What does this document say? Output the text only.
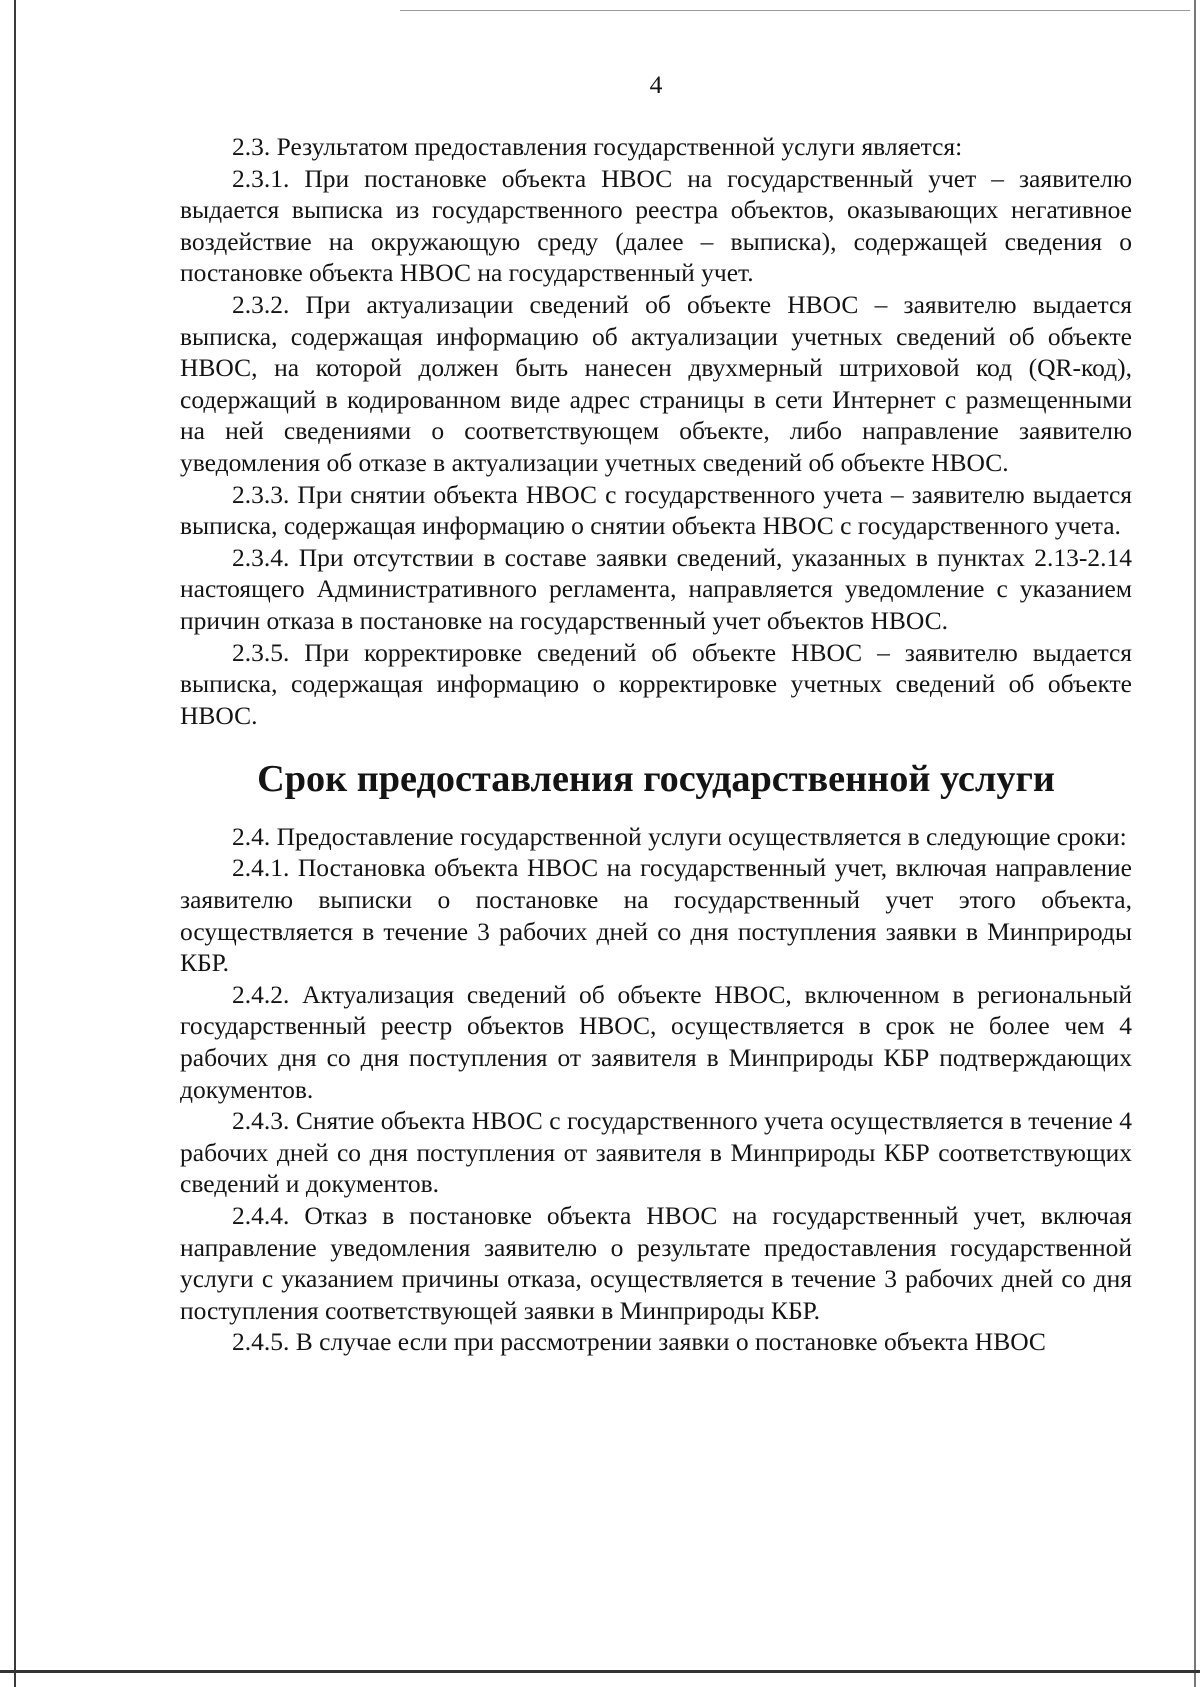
4

2.3. Результатом предоставления государственной услуги является:

2.3.1. При постановке объекта НВОС на государственный учет – заявителю выдается выписка из государственного реестра объектов, оказывающих негативное воздействие на окружающую среду (далее – выписка), содержащей сведения о постановке объекта НВОС на государственный учет.

2.3.2. При актуализации сведений об объекте НВОС – заявителю выдается выписка, содержащая информацию об актуализации учетных сведений об объекте НВОС, на которой должен быть нанесен двухмерный штриховой код (QR-код), содержащий в кодированном виде адрес страницы в сети Интернет с размещенными на ней сведениями о соответствующем объекте, либо направление заявителю уведомления об отказе в актуализации учетных сведений об объекте НВОС.

2.3.3. При снятии объекта НВОС с государственного учета – заявителю выдается выписка, содержащая информацию о снятии объекта НВОС с государственного учета.

2.3.4. При отсутствии в составе заявки сведений, указанных в пунктах 2.13-2.14 настоящего Административного регламента, направляется уведомление с указанием причин отказа в постановке на государственный учет объектов НВОС.

2.3.5. При корректировке сведений об объекте НВОС – заявителю выдается выписка, содержащая информацию о корректировке учетных сведений об объекте НВОС.

Срок предоставления государственной услуги

2.4. Предоставление государственной услуги осуществляется в следующие сроки:

2.4.1. Постановка объекта НВОС на государственный учет, включая направление заявителю выписки о постановке на государственный учет этого объекта, осуществляется в течение 3 рабочих дней со дня поступления заявки в Минприроды КБР.

2.4.2. Актуализация сведений об объекте НВОС, включенном в региональный государственный реестр объектов НВОС, осуществляется в срок не более чем 4 рабочих дня со дня поступления от заявителя в Минприроды КБР подтверждающих документов.

2.4.3. Снятие объекта НВОС с государственного учета осуществляется в течение 4 рабочих дней со дня поступления от заявителя в Минприроды КБР соответствующих сведений и документов.

2.4.4. Отказ в постановке объекта НВОС на государственный учет, включая направление уведомления заявителю о результате предоставления государственной услуги с указанием причины отказа, осуществляется в течение 3 рабочих дней со дня поступления соответствующей заявки в Минприроды КБР.

2.4.5. В случае если при рассмотрении заявки о постановке объекта НВОС
